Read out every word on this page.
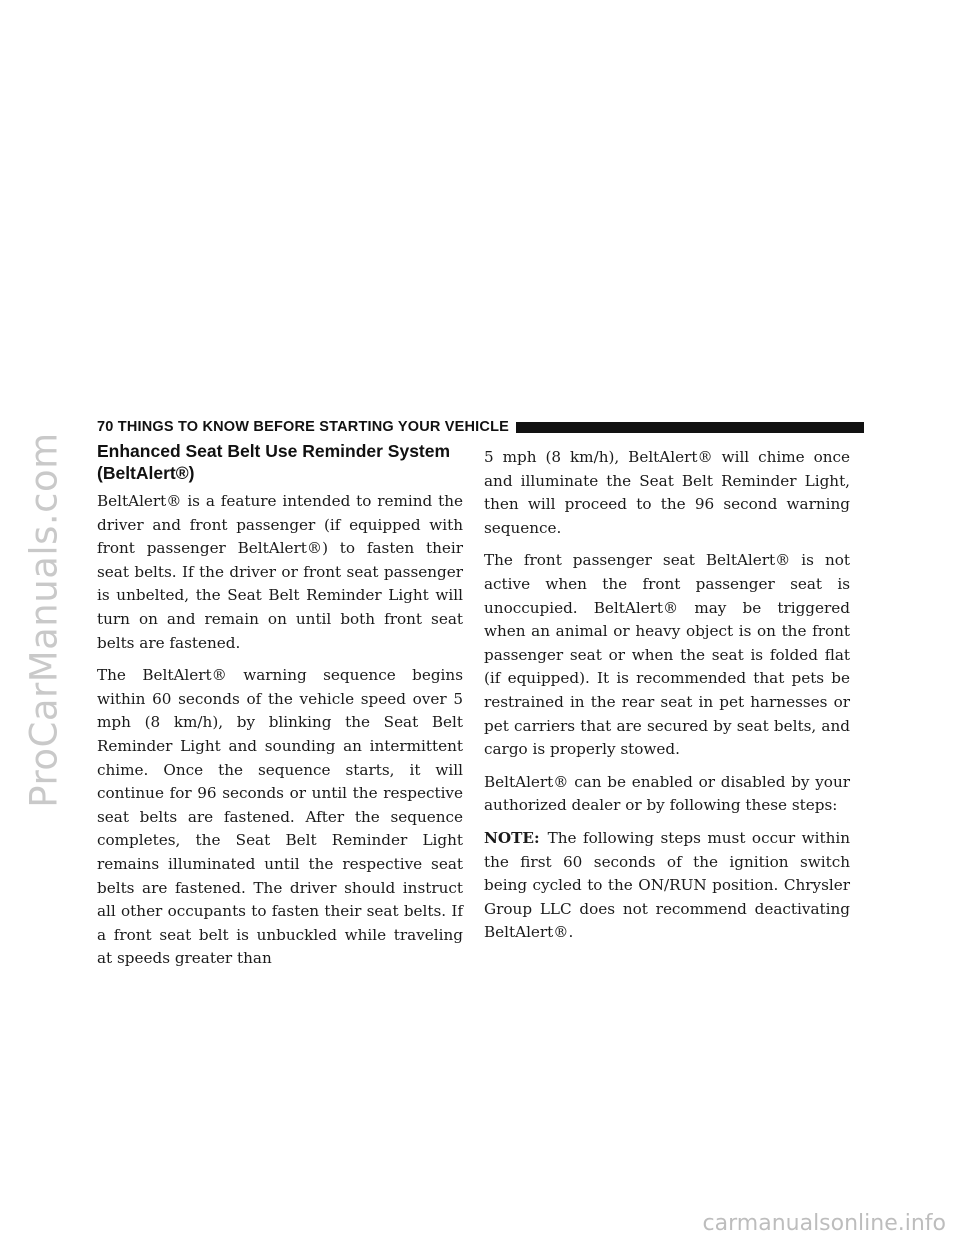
ProCarManuals.com
70 THINGS TO KNOW BEFORE STARTING YOUR VEHICLE
Enhanced Seat Belt Use Reminder System (BeltAlert®)

BeltAlert® is a feature intended to remind the driver and front passenger (if equipped with front passenger BeltAlert®) to fasten their seat belts. If the driver or front seat passenger is unbelted, the Seat Belt Reminder Light will turn on and remain on until both front seat belts are fastened.

The BeltAlert® warning sequence begins within 60 seconds of the vehicle speed over 5 mph (8 km/h), by blinking the Seat Belt Reminder Light and sounding an intermittent chime. Once the sequence starts, it will continue for 96 seconds or until the respective seat belts are fastened. After the sequence completes, the Seat Belt Reminder Light remains illuminated until the respective seat belts are fastened. The driver should instruct all other occupants to fasten their seat belts. If a front seat belt is unbuckled while traveling at speeds greater than

5 mph (8 km/h), BeltAlert® will chime once and illuminate the Seat Belt Reminder Light, then will proceed to the 96 second warning sequence.

The front passenger seat BeltAlert® is not active when the front passenger seat is unoccupied. BeltAlert® may be triggered when an animal or heavy object is on the front passenger seat or when the seat is folded flat (if equipped). It is recommended that pets be restrained in the rear seat in pet harnesses or pet carriers that are secured by seat belts, and cargo is properly stowed.

BeltAlert® can be enabled or disabled by your authorized dealer or by following these steps:

NOTE: The following steps must occur within the first 60 seconds of the ignition switch being cycled to the ON/RUN position. Chrysler Group LLC does not recommend deactivating BeltAlert®.

carmanualsonline.info
